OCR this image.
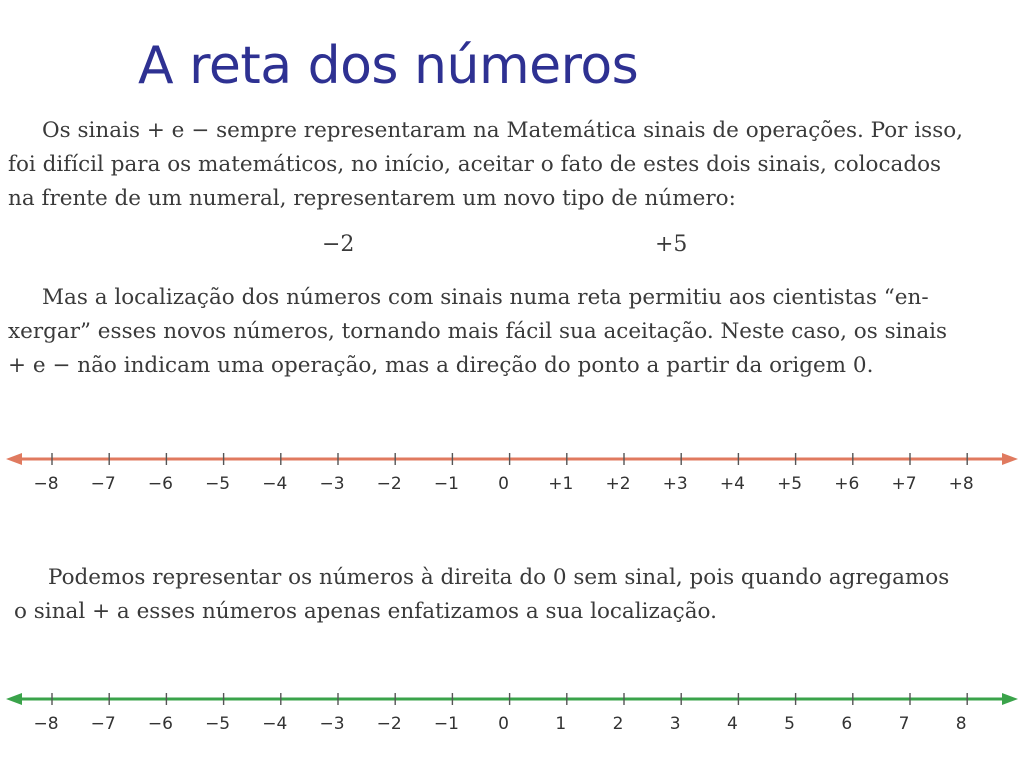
A reta dos números

Os sinais + e − sempre representaram na Matemática sinais de operações. Por isso,
foi difícil para os matemáticos, no início, aceitar o fato de estes dois sinais, colocados
na frente de um numeral, representarem um novo tipo de número:

−2	+5

Mas a localização dos números com sinais numa reta permitiu aos cientistas “en-
xergar” esses novos números, tornando mais fácil sua aceitação. Neste caso, os sinais
+ e − não indicam uma operação, mas a direção do ponto a partir da origem 0.

−8 −7 −6 −5 −4 −3 −2 −1 0 +1 +2 +3 +4 +5 +6 +7 +8

Podemos representar os números à direita do 0 sem sinal, pois quando agregamos
o sinal + a esses números apenas enfatizamos a sua localização.

−8 −7 −6 −5 −4 −3 −2 −1 0	1	2	3	4	5	6	7	8
